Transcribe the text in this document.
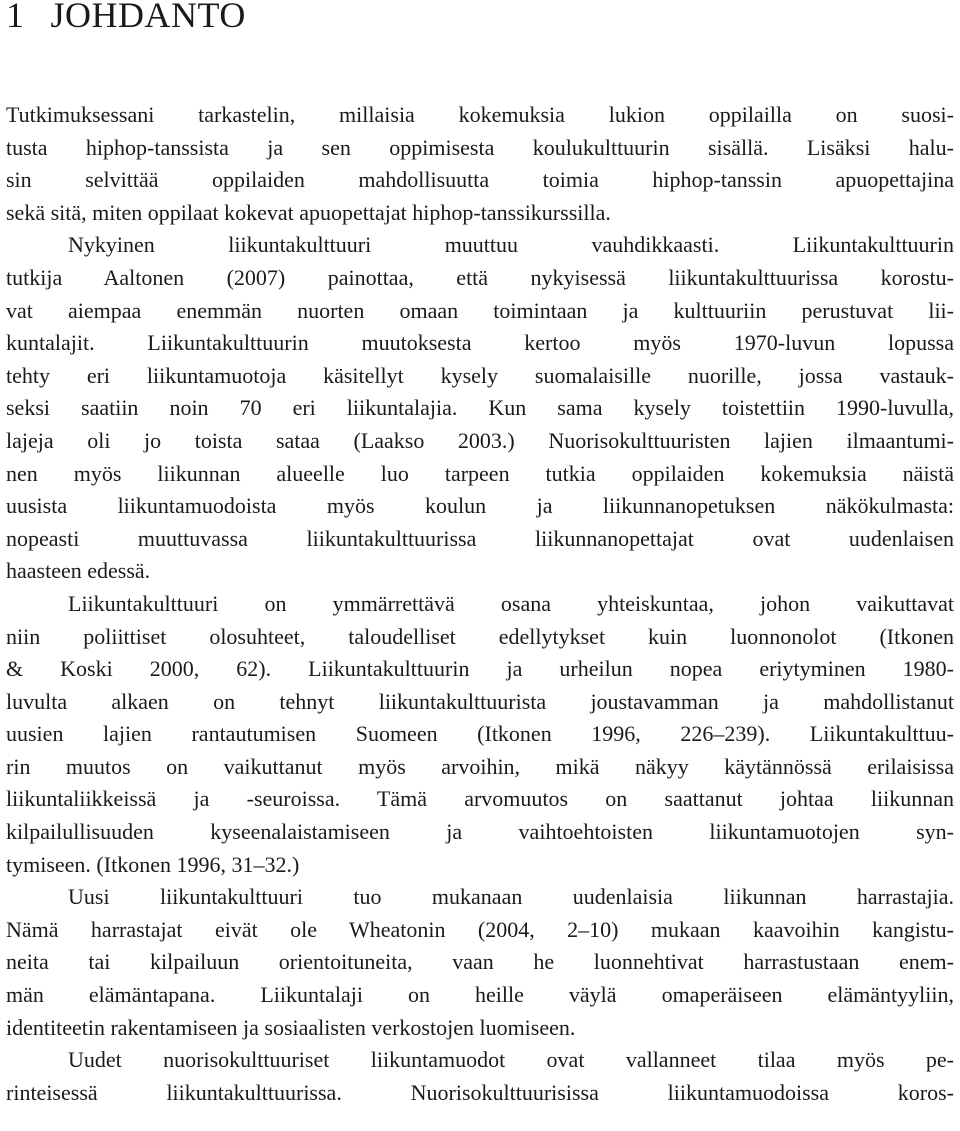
1 JOHDANTO
Tutkimuksessani tarkastelin, millaisia kokemuksia lukion oppilailla on suosi-
tusta hiphop-tanssista ja sen oppimisesta koulukulttuurin sisällä. Lisäksi halu-
sin selvittää oppilaiden mahdollisuutta toimia hiphop-tanssin apuopettajina
sekä sitä, miten oppilaat kokevat apuopettajat hiphop-tanssikurssilla.
Nykyinen liikuntakulttuuri muuttuu vauhdikkaasti. Liikuntakulttuurin
tutkija Aaltonen (2007) painottaa, että nykyisessä liikuntakulttuurissa korostu-
vat aiempaa enemmän nuorten omaan toimintaan ja kulttuuriin perustuvat lii-
kuntalajit. Liikuntakulttuurin muutoksesta kertoo myös 1970-luvun lopussa
tehty eri liikuntamuotoja käsitellyt kysely suomalaisille nuorille, jossa vastauk-
seksi saatiin noin 70 eri liikuntalajia. Kun sama kysely toistettiin 1990-luvulla,
lajeja oli jo toista sataa (Laakso 2003.) Nuorisokulttuuristen lajien ilmaantumi-
nen myös liikunnan alueelle luo tarpeen tutkia oppilaiden kokemuksia näistä
uusista liikuntamuodoista myös koulun ja liikunnanopetuksen näkökulmasta:
nopeasti muuttuvassa liikuntakulttuurissa liikunnanopettajat ovat uudenlaisen
haasteen edessä.
Liikuntakulttuuri on ymmärrettävä osana yhteiskuntaa, johon vaikuttavat
niin poliittiset olosuhteet, taloudelliset edellytykset kuin luonnonolot (Itkonen
& Koski 2000, 62). Liikuntakulttuurin ja urheilun nopea eriytyminen 1980-
luvulta alkaen on tehnyt liikuntakulttuurista joustavamman ja mahdollistanut
uusien lajien rantautumisen Suomeen (Itkonen 1996, 226–239). Liikuntakulttuu-
rin muutos on vaikuttanut myös arvoihin, mikä näkyy käytännössä erilaisissa
liikuntaliikkeissä ja -seuroissa. Tämä arvomuutos on saattanut johtaa liikunnan
kilpailullisuuden kyseenalaistamiseen ja vaihtoehtoisten liikuntamuotojen syn-
tymiseen. (Itkonen 1996, 31–32.)
Uusi liikuntakulttuuri tuo mukanaan uudenlaisia liikunnan harrastajia.
Nämä harrastajat eivät ole Wheatonin (2004, 2–10) mukaan kaavoihin kangistu-
neita tai kilpailuun orientoituneita, vaan he luonnehtivat harrastustaan enem-
män elämäntapana. Liikuntalaji on heille väylä omaperäiseen elämäntyyliin,
identiteetin rakentamiseen ja sosiaalisten verkostojen luomiseen.
Uudet nuorisokulttuuriset liikuntamuodot ovat vallanneet tilaa myös pe-
rinteisessä liikuntakulttuurissa. Nuorisokulttuurisissa liikuntamuodoissa koros-
